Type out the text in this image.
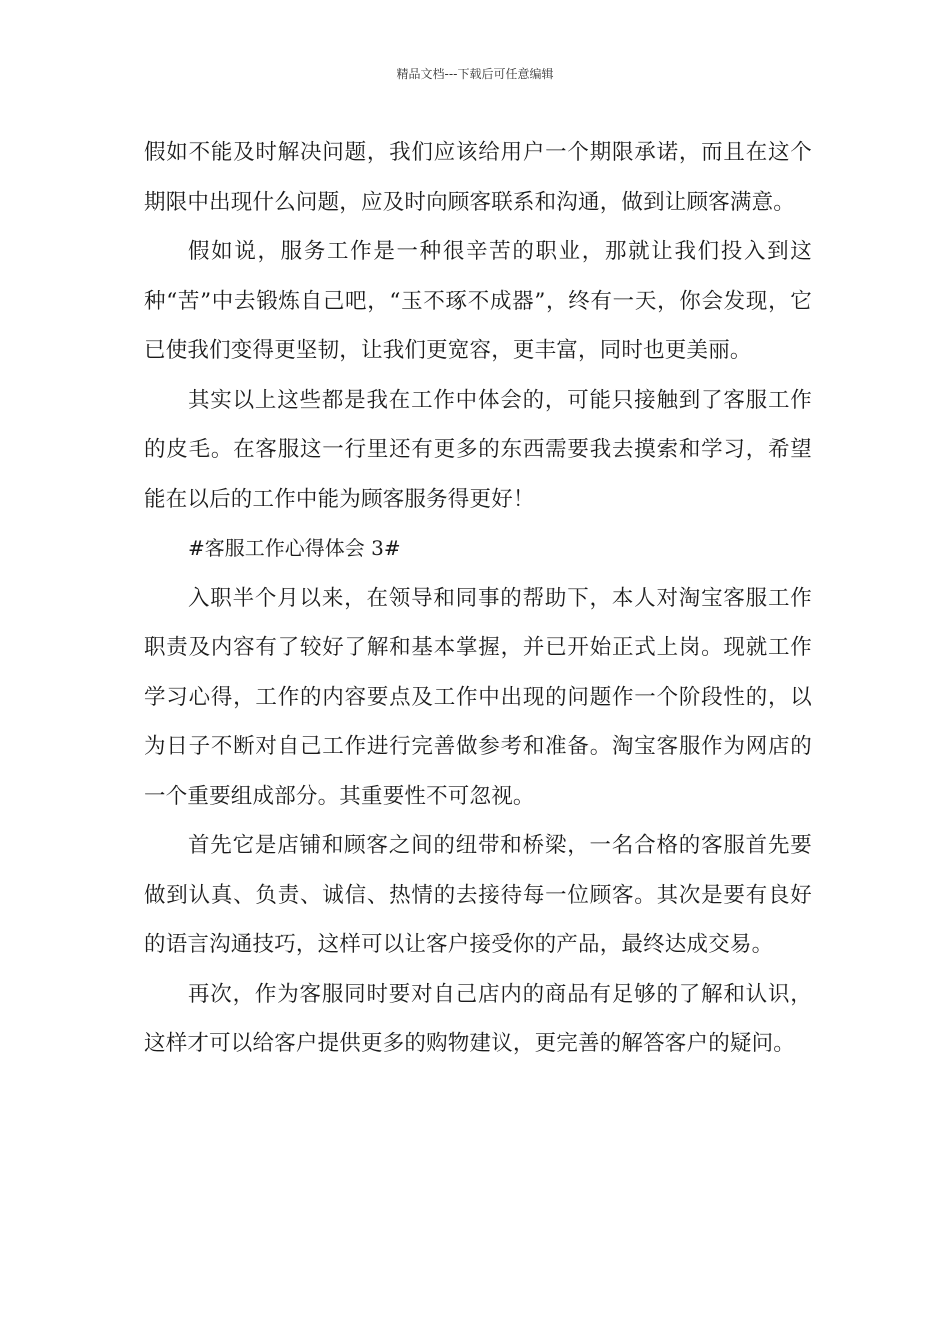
精品文档---下载后可任意编辑

假如不能及时解决问题，我们应该给用户一个期限承诺，而且在这个期限中出现什么问题，应及时向顾客联系和沟通，做到让顾客满意。

假如说，服务工作是一种很辛苦的职业，那就让我们投入到这种“苦”中去锻炼自己吧，“玉不琢不成器”，终有一天，你会发现，它已使我们变得更坚韧，让我们更宽容，更丰富，同时也更美丽。

其实以上这些都是我在工作中体会的，可能只接触到了客服工作的皮毛。在客服这一行里还有更多的东西需要我去摸索和学习，希望能在以后的工作中能为顾客服务得更好！

#客服工作心得体会 3#

入职半个月以来，在领导和同事的帮助下，本人对淘宝客服工作职责及内容有了较好了解和基本掌握，并已开始正式上岗。现就工作学习心得，工作的内容要点及工作中出现的问题作一个阶段性的，以为日子不断对自己工作进行完善做参考和准备。淘宝客服作为网店的一个重要组成部分。其重要性不可忽视。

首先它是店铺和顾客之间的纽带和桥梁，一名合格的客服首先要做到认真、负责、诚信、热情的去接待每一位顾客。其次是要有良好的语言沟通技巧，这样可以让客户接受你的产品，最终达成交易。

再次，作为客服同时要对自己店内的商品有足够的了解和认识，这样才可以给客户提供更多的购物建议，更完善的解答客户的疑问。
